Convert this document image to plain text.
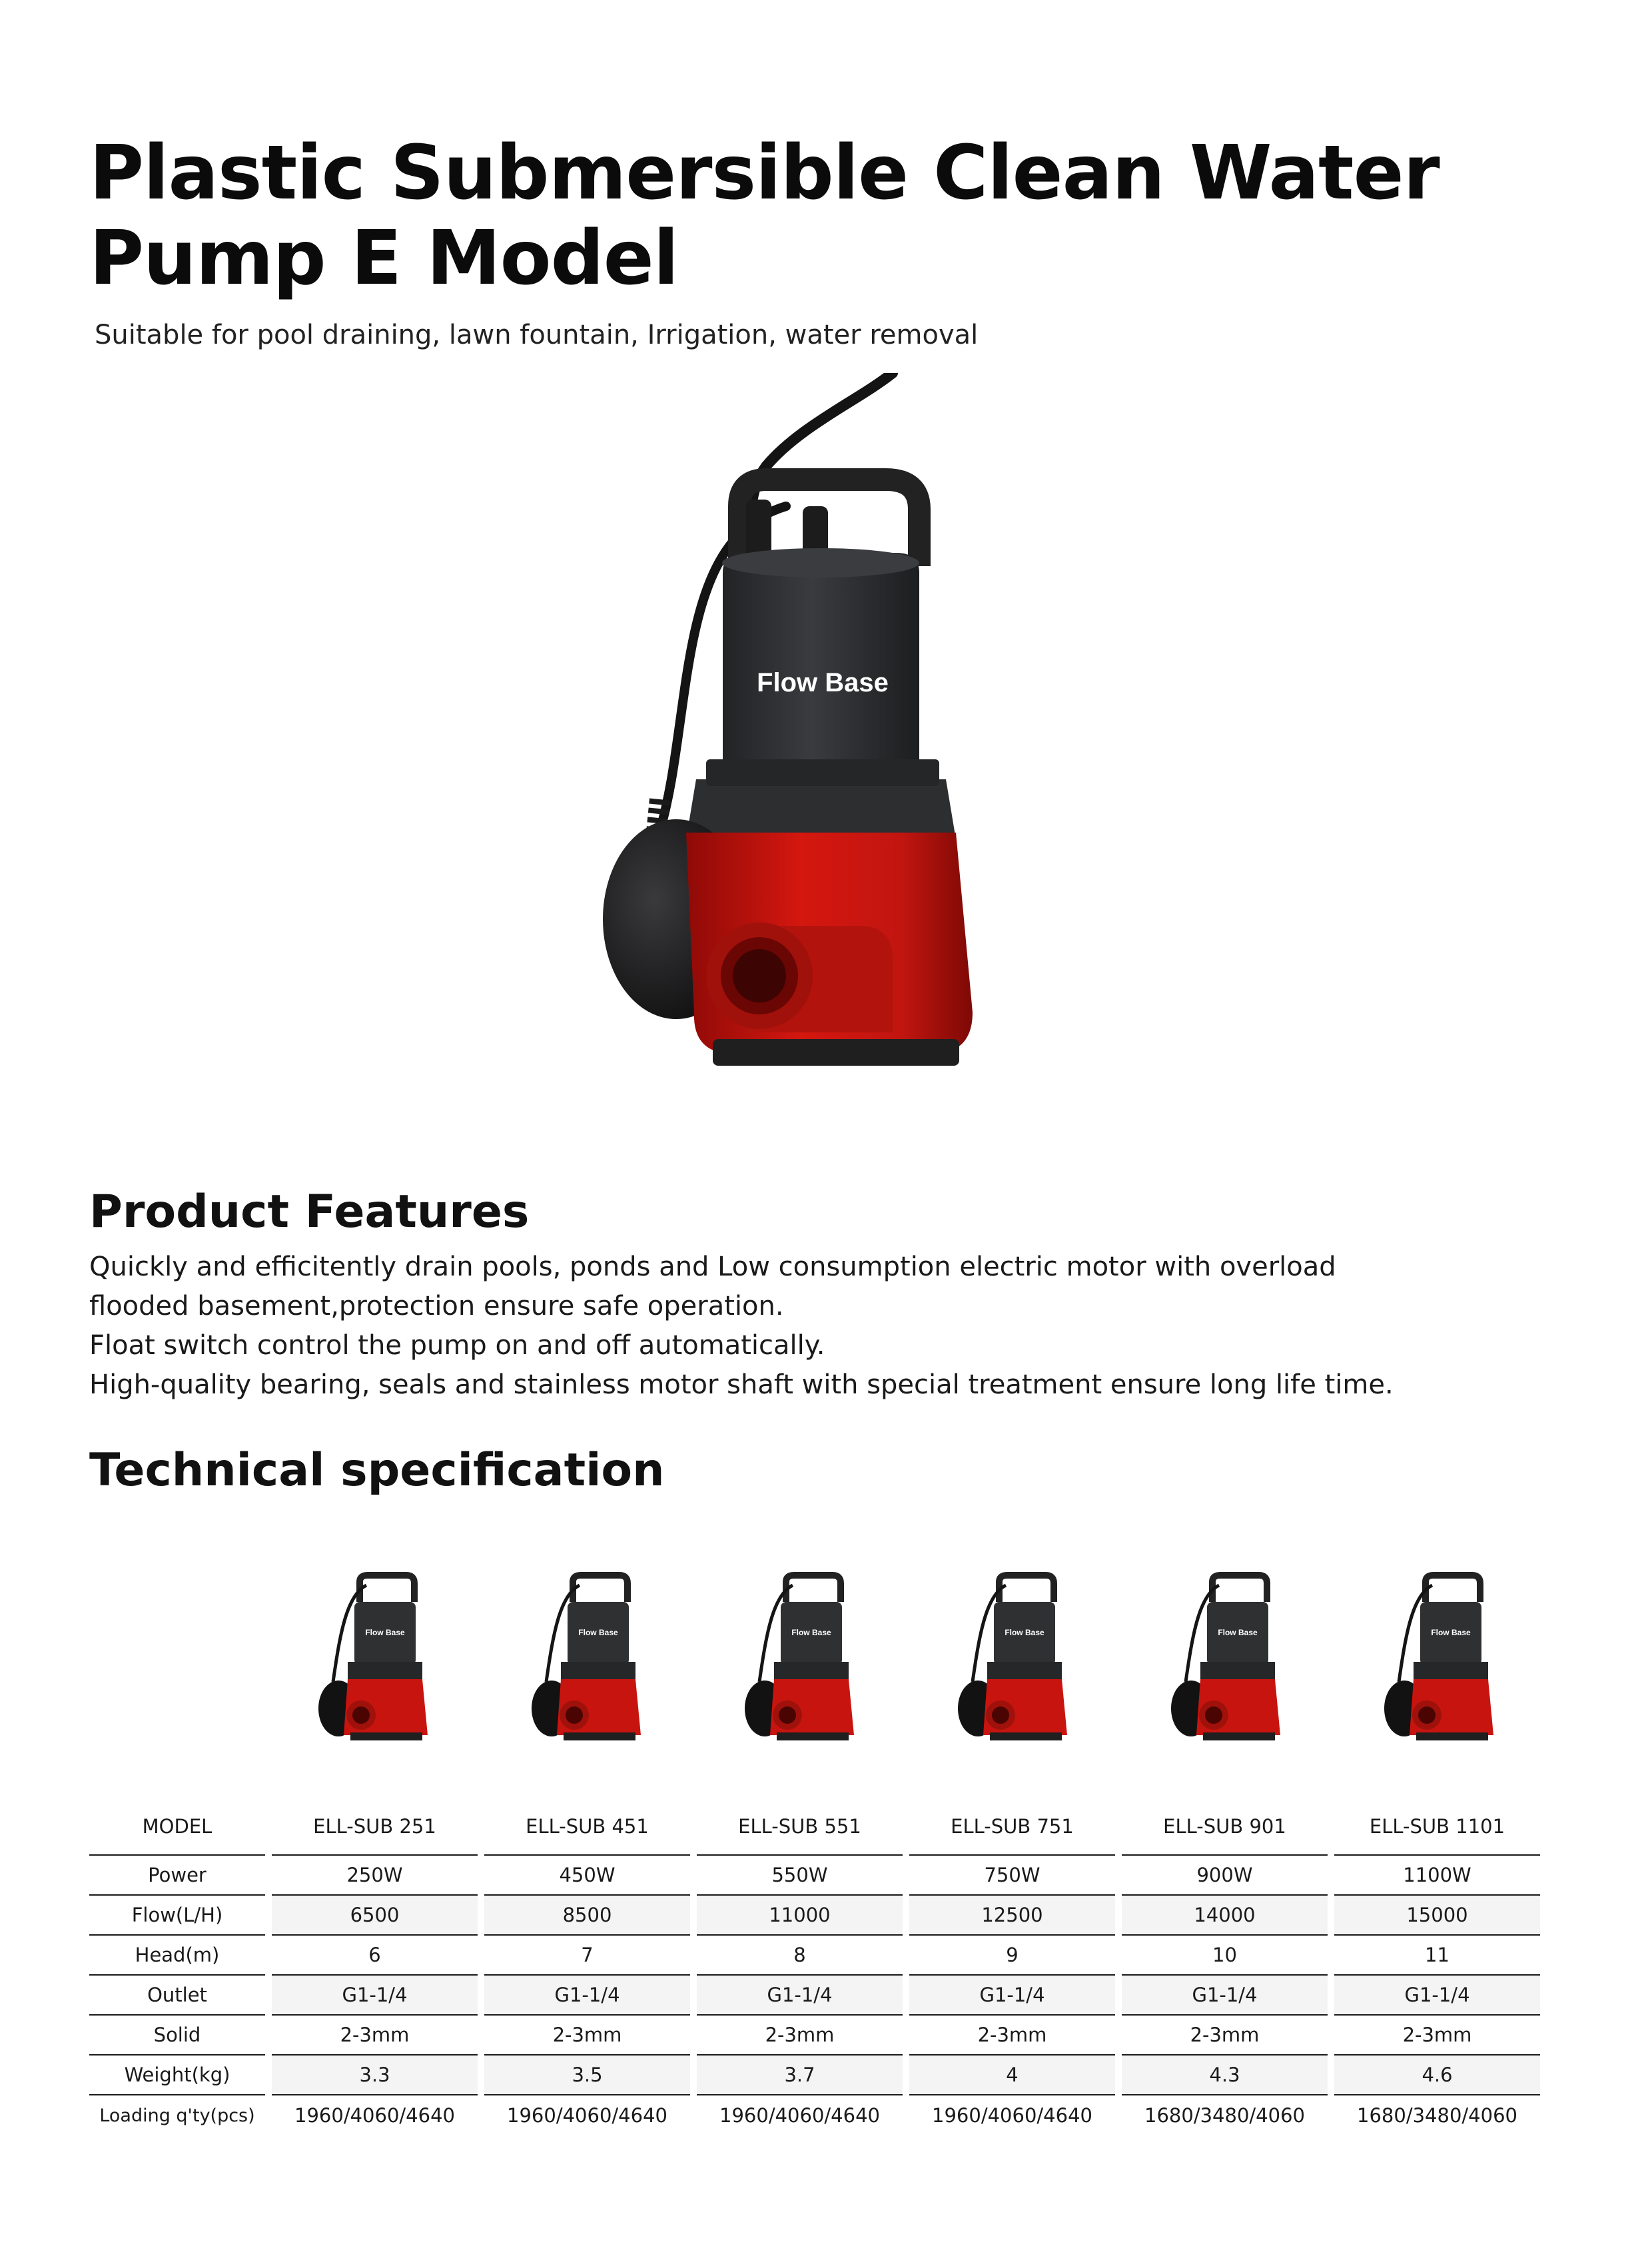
Plastic Submersible Clean Water Pump E Model

Suitable for pool draining, lawn fountain, Irrigation, water removal

Flow Base
Product Features
Quickly and efficitently drain pools, ponds and Low consumption electric motor with overload
flooded basement,protection ensure safe operation.
Float switch control the pump on and off automatically.
High-quality bearing, seals and stainless motor shaft with special treatment ensure long life time.
Technical specification
Flow Base	Flow Base	Flow Base	Flow Base	Flow Base	Flow Base
MODEL	ELL-SUB 251	ELL-SUB 451	ELL-SUB 551	ELL-SUB 751	ELL-SUB 901	ELL-SUB 1101
Power	250W	450W	550W	750W	900W	1100W
Flow(L/H)	6500	8500	11000	12500	14000	15000
Head(m)	6	7	8	9	10	11
Outlet	G1-1/4	G1-1/4	G1-1/4	G1-1/4	G1-1/4	G1-1/4
Solid	2-3mm	2-3mm	2-3mm	2-3mm	2-3mm	2-3mm
Weight(kg)	3.3	3.5	3.7	4	4.3	4.6
Loading q'ty(pcs)	1960/4060/4640	1960/4060/4640	1960/4060/4640	1960/4060/4640	1680/3480/4060	1680/3480/4060
